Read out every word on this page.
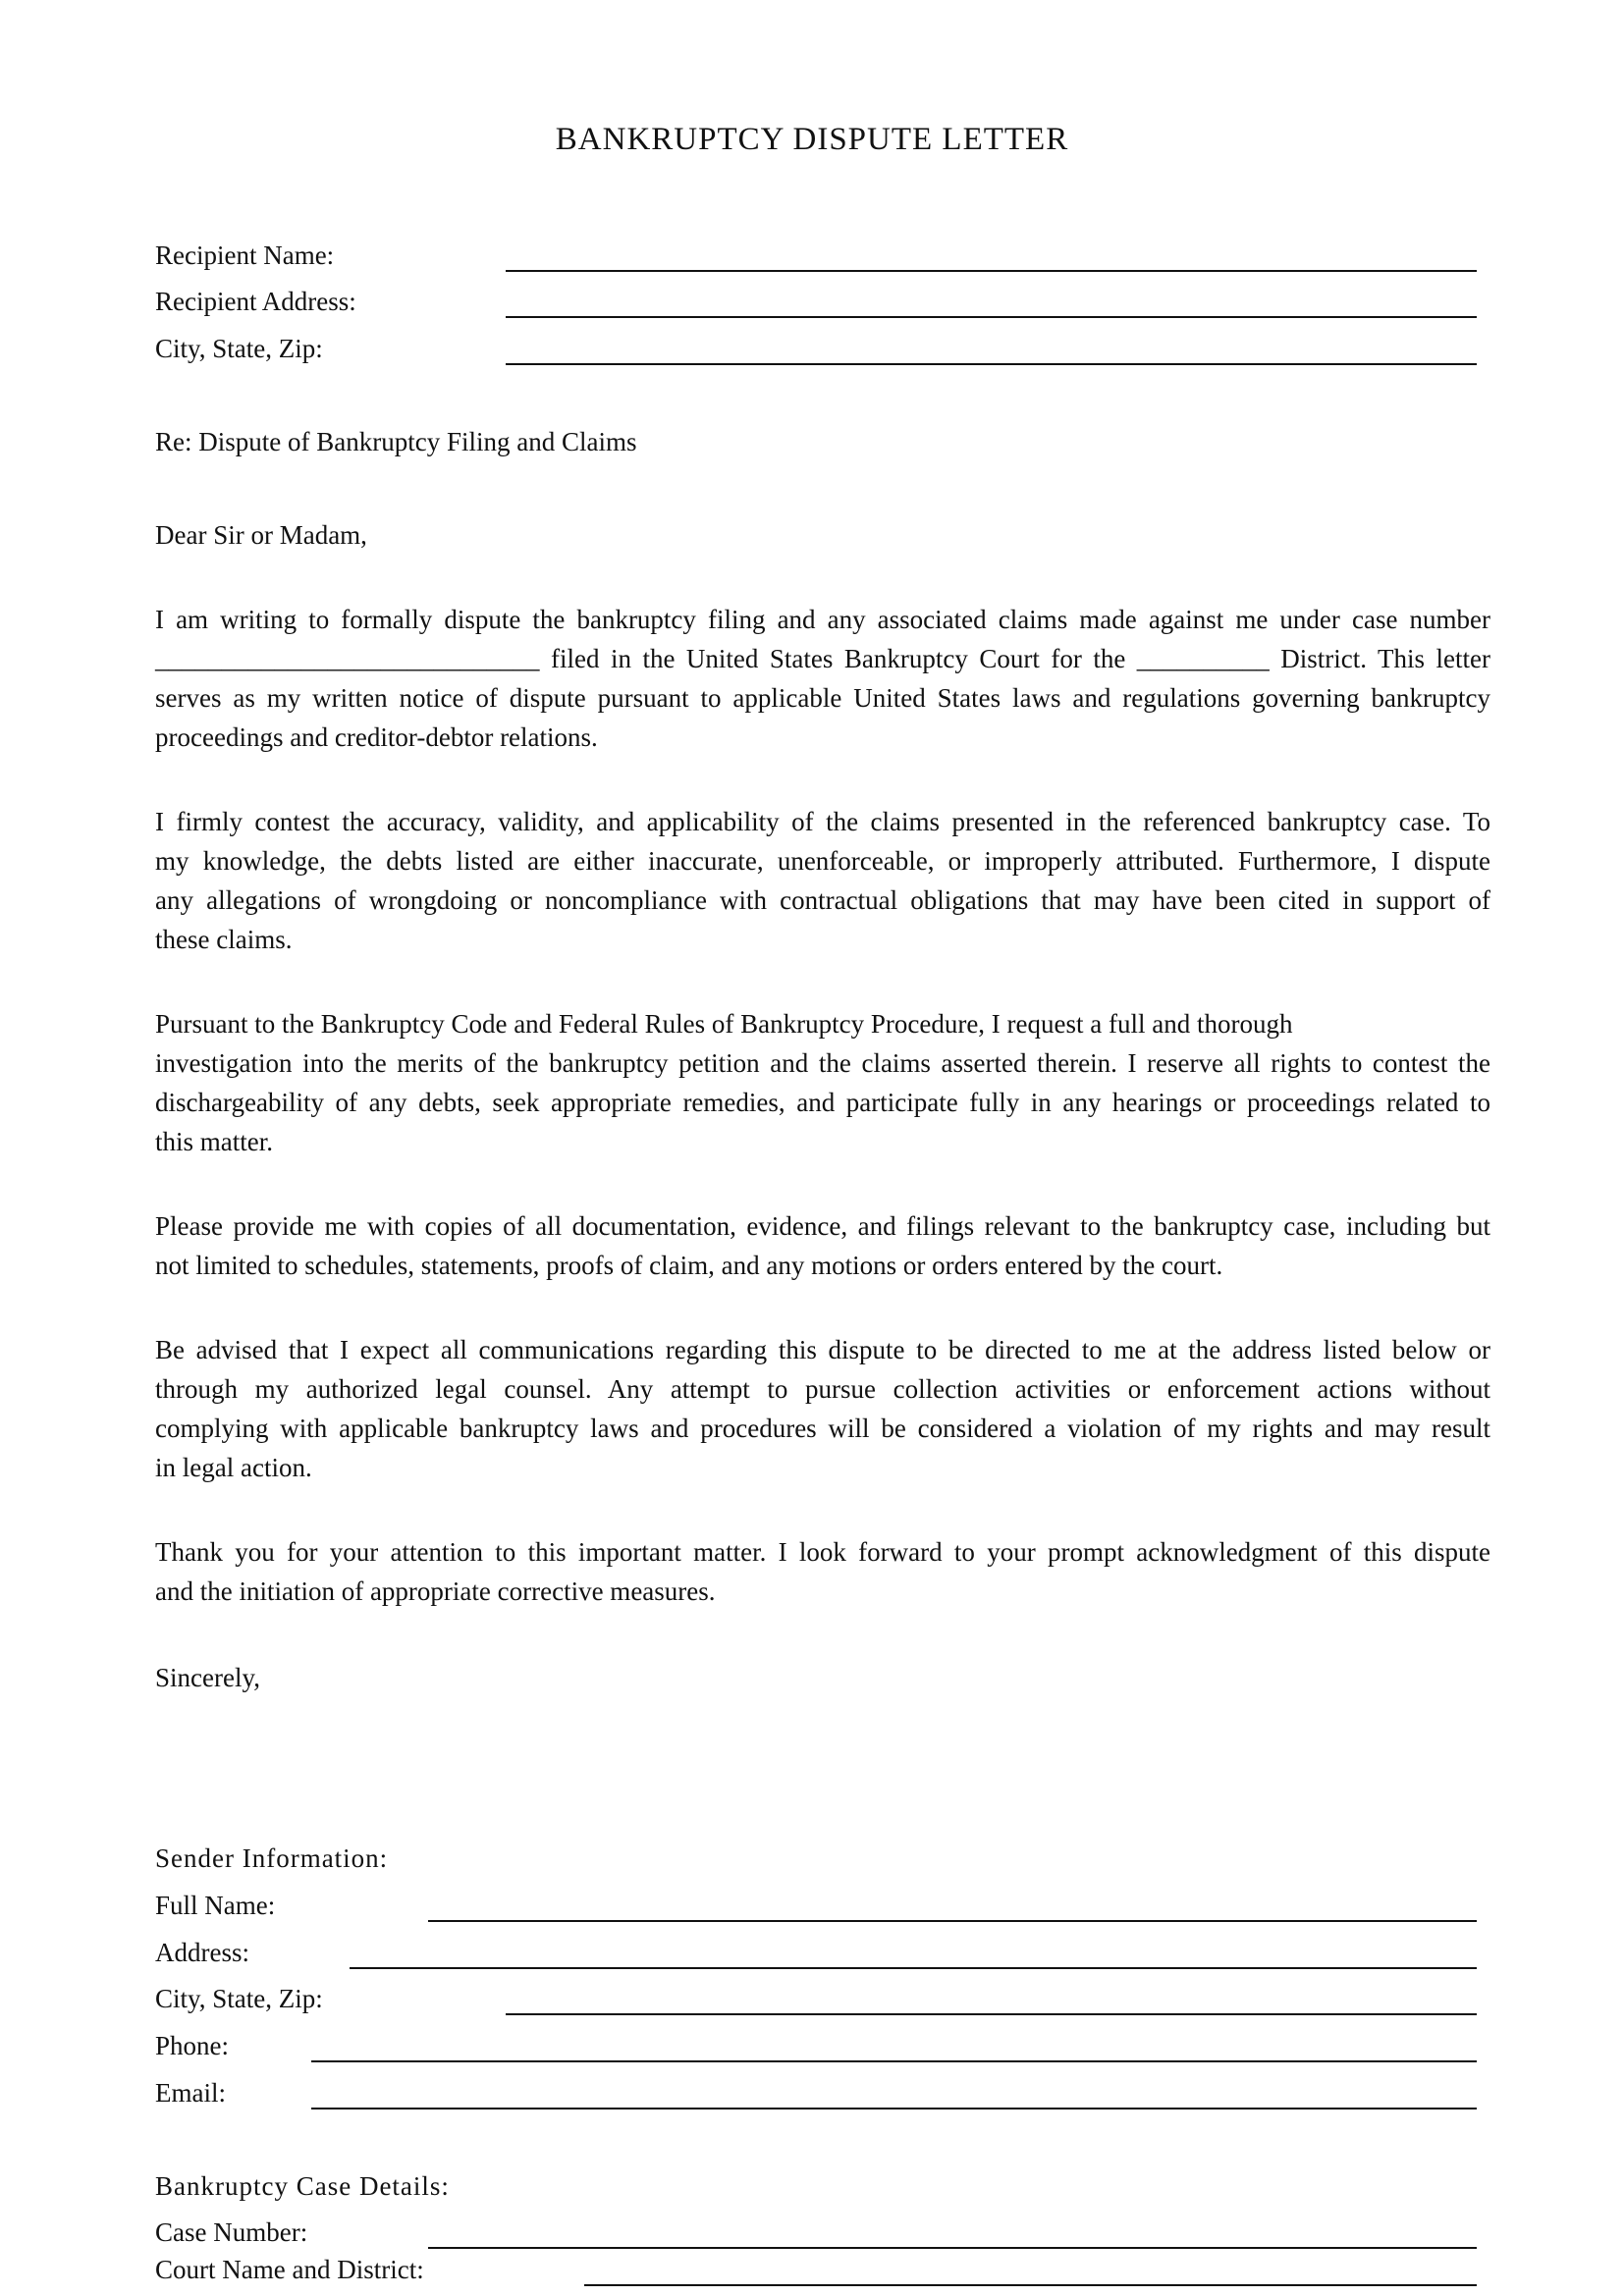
BANKRUPTCY DISPUTE LETTER
Recipient Name:
Recipient Address:
City, State, Zip:
Re: Dispute of Bankruptcy Filing and Claims
Dear Sir or Madam,
I am writing to formally dispute the bankruptcy filing and any associated claims made against me under case number
_____________________________ filed in the United States Bankruptcy Court for the __________ District. This letter
serves as my written notice of dispute pursuant to applicable United States laws and regulations governing bankruptcy
proceedings and creditor-debtor relations.
I firmly contest the accuracy, validity, and applicability of the claims presented in the referenced bankruptcy case. To
my knowledge, the debts listed are either inaccurate, unenforceable, or improperly attributed. Furthermore, I dispute
any allegations of wrongdoing or noncompliance with contractual obligations that may have been cited in support of
these claims.
Pursuant to the Bankruptcy Code and Federal Rules of Bankruptcy Procedure, I request a full and thorough
investigation into the merits of the bankruptcy petition and the claims asserted therein. I reserve all rights to contest the
dischargeability of any debts, seek appropriate remedies, and participate fully in any hearings or proceedings related to
this matter.
Please provide me with copies of all documentation, evidence, and filings relevant to the bankruptcy case, including but
not limited to schedules, statements, proofs of claim, and any motions or orders entered by the court.
Be advised that I expect all communications regarding this dispute to be directed to me at the address listed below or
through my authorized legal counsel. Any attempt to pursue collection activities or enforcement actions without
complying with applicable bankruptcy laws and procedures will be considered a violation of my rights and may result
in legal action.
Thank you for your attention to this important matter. I look forward to your prompt acknowledgment of this dispute
and the initiation of appropriate corrective measures.
Sincerely,
Sender Information:
Full Name:
Address:
City, State, Zip:
Phone:
Email:
Bankruptcy Case Details:
Case Number:
Court Name and District:
